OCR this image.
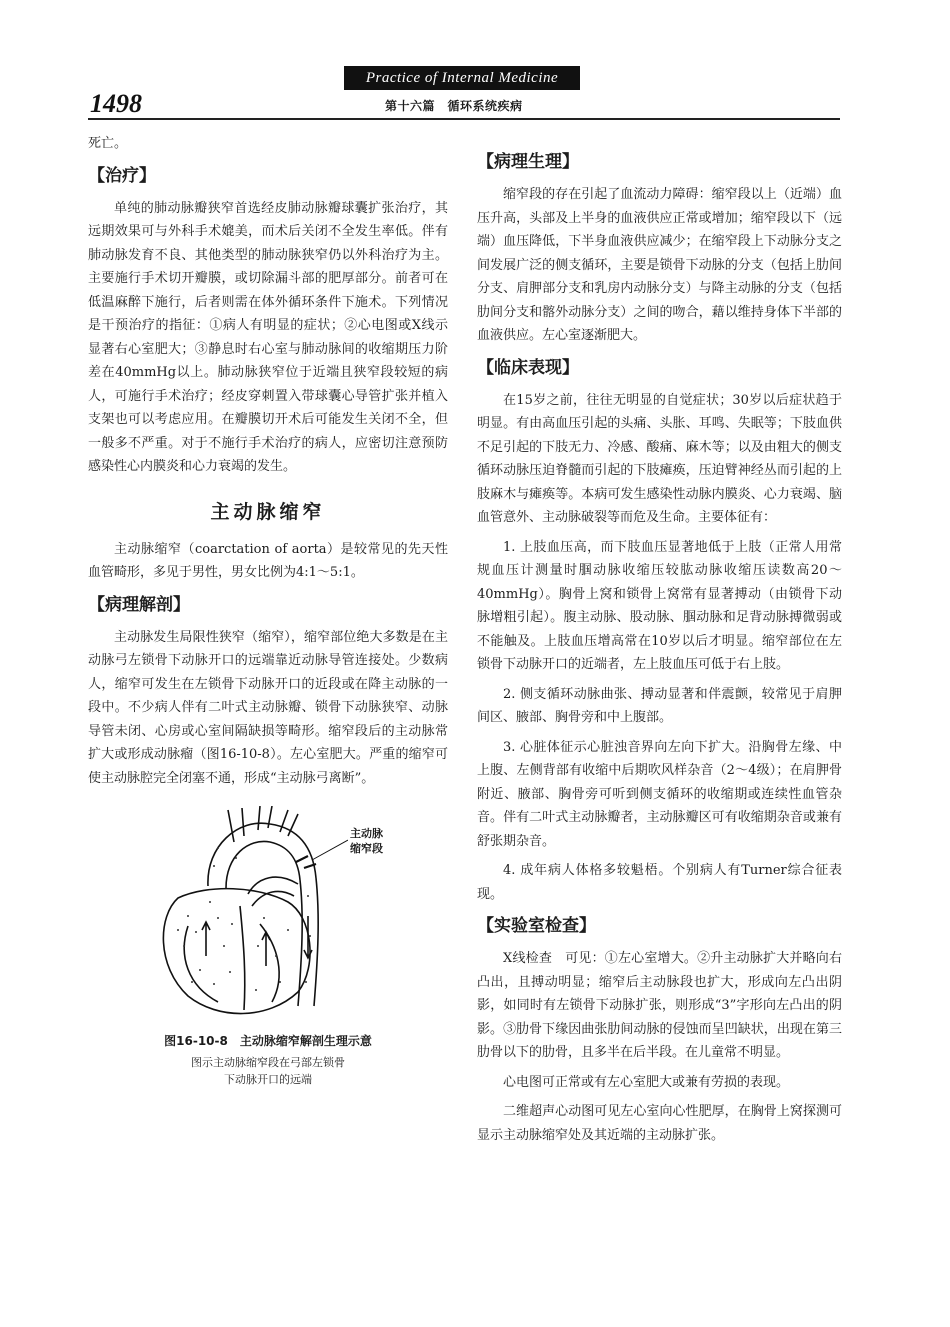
Practice of Internal Medicine
1498	第十六篇　循环系统疾病

死亡。

【治疗】

单纯的肺动脉瓣狭窄首选经皮肺动脉瓣球囊扩张治疗，其远期效果可与外科手术媲美，而术后关闭不全发生率低。伴有肺动脉发育不良、其他类型的肺动脉狭窄仍以外科治疗为主。主要施行手术切开瓣膜，或切除漏斗部的肥厚部分。前者可在低温麻醉下施行，后者则需在体外循环条件下施术。下列情况是干预治疗的指征：①病人有明显的症状；②心电图或X线示显著右心室肥大；③静息时右心室与肺动脉间的收缩期压力阶差在40mmHg以上。肺动脉狭窄位于近端且狭窄段较短的病人，可施行手术治疗；经皮穿刺置入带球囊心导管扩张并植入支架也可以考虑应用。在瓣膜切开术后可能发生关闭不全，但一般多不严重。对于不施行手术治疗的病人，应密切注意预防感染性心内膜炎和心力衰竭的发生。

主动脉缩窄

主动脉缩窄（coarctation of aorta）是较常见的先天性血管畸形，多见于男性，男女比例为4:1～5:1。

【病理解剖】

主动脉发生局限性狭窄（缩窄），缩窄部位绝大多数是在主动脉弓左锁骨下动脉开口的远端靠近动脉导管连接处。少数病人，缩窄可发生在左锁骨下动脉开口的近段或在降主动脉的一段中。不少病人伴有二叶式主动脉瓣、锁骨下动脉狭窄、动脉导管未闭、心房或心室间隔缺损等畸形。缩窄段后的主动脉常扩大或形成动脉瘤（图16-10-8）。左心室肥大。严重的缩窄可使主动脉腔完全闭塞不通，形成“主动脉弓离断”。

主动脉
缩窄段
图16-10-8　主动脉缩窄解剖生理示意
图示主动脉缩窄段在弓部左锁骨
下动脉开口的远端
【病理生理】

缩窄段的存在引起了血流动力障碍：缩窄段以上（近端）血压升高，头部及上半身的血液供应正常或增加；缩窄段以下（远端）血压降低，下半身血液供应减少；在缩窄段上下动脉分支之间发展广泛的侧支循环，主要是锁骨下动脉的分支（包括上肋间分支、肩胛部分支和乳房内动脉分支）与降主动脉的分支（包括肋间分支和髂外动脉分支）之间的吻合，藉以维持身体下半部的血液供应。左心室逐渐肥大。

【临床表现】

在15岁之前，往往无明显的自觉症状；30岁以后症状趋于明显。有由高血压引起的头痛、头胀、耳鸣、失眠等；下肢血供不足引起的下肢无力、冷感、酸痛、麻木等；以及由粗大的侧支循环动脉压迫脊髓而引起的下肢瘫痪，压迫臂神经丛而引起的上肢麻木与瘫痪等。本病可发生感染性动脉内膜炎、心力衰竭、脑血管意外、主动脉破裂等而危及生命。主要体征有：

1. 上肢血压高，而下肢血压显著地低于上肢（正常人用常规血压计测量时腘动脉收缩压较肱动脉收缩压读数高20～40mmHg）。胸骨上窝和锁骨上窝常有显著搏动（由锁骨下动脉增粗引起）。腹主动脉、股动脉、腘动脉和足背动脉搏微弱或不能触及。上肢血压增高常在10岁以后才明显。缩窄部位在左锁骨下动脉开口的近端者，左上肢血压可低于右上肢。

2. 侧支循环动脉曲张、搏动显著和伴震颤，较常见于肩胛间区、腋部、胸骨旁和中上腹部。

3. 心脏体征示心脏浊音界向左向下扩大。沿胸骨左缘、中上腹、左侧背部有收缩中后期吹风样杂音（2～4级）；在肩胛骨附近、腋部、胸骨旁可听到侧支循环的收缩期或连续性血管杂音。伴有二叶式主动脉瓣者，主动脉瓣区可有收缩期杂音或兼有舒张期杂音。

4. 成年病人体格多较魁梧。个别病人有Turner综合征表现。

【实验室检查】

X线检查　可见：①左心室增大。②升主动脉扩大并略向右凸出，且搏动明显；缩窄后主动脉段也扩大，形成向左凸出阴影，如同时有左锁骨下动脉扩张，则形成“3”字形向左凸出的阴影。③肋骨下缘因曲张肋间动脉的侵蚀而呈凹缺状，出现在第三肋骨以下的肋骨，且多半在后半段。在儿童常不明显。

心电图可正常或有左心室肥大或兼有劳损的表现。

二维超声心动图可见左心室向心性肥厚，在胸骨上窝探测可显示主动脉缩窄处及其近端的主动脉扩张。
